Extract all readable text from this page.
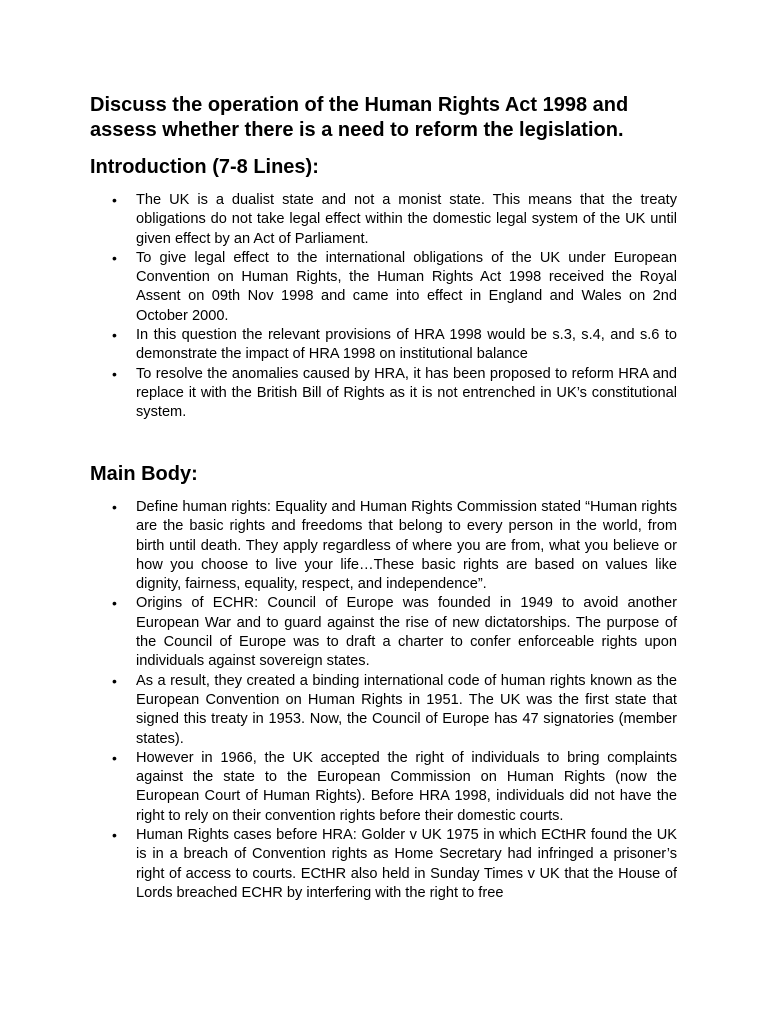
Discuss the operation of the Human Rights Act 1998 and assess whether there is a need to reform the legislation.
Introduction (7-8 Lines):
• The UK is a dualist state and not a monist state. This means that the treaty obligations do not take legal effect within the domestic legal system of the UK until given effect by an Act of Parliament.
• To give legal effect to the international obligations of the UK under European Convention on Human Rights, the Human Rights Act 1998 received the Royal Assent on 09th Nov 1998 and came into effect in England and Wales on 2nd October 2000.
• In this question the relevant provisions of HRA 1998 would be s.3, s.4, and s.6 to demonstrate the impact of HRA 1998 on institutional balance
• To resolve the anomalies caused by HRA, it has been proposed to reform HRA and replace it with the British Bill of Rights as it is not entrenched in UK’s constitutional system.
Main Body:
• Define human rights: Equality and Human Rights Commission stated “Human rights are the basic rights and freedoms that belong to every person in the world, from birth until death. They apply regardless of where you are from, what you believe or how you choose to live your life…These basic rights are based on values like dignity, fairness, equality, respect, and independence”.
• Origins of ECHR: Council of Europe was founded in 1949 to avoid another European War and to guard against the rise of new dictatorships. The purpose of the Council of Europe was to draft a charter to confer enforceable rights upon individuals against sovereign states.
• As a result, they created a binding international code of human rights known as the European Convention on Human Rights in 1951. The UK was the first state that signed this treaty in 1953. Now, the Council of Europe has 47 signatories (member states).
• However in 1966, the UK accepted the right of individuals to bring complaints against the state to the European Commission on Human Rights (now the European Court of Human Rights). Before HRA 1998, individuals did not have the right to rely on their convention rights before their domestic courts.
• Human Rights cases before HRA: Golder v UK 1975 in which ECtHR found the UK is in a breach of Convention rights as Home Secretary had infringed a prisoner’s right of access to courts. ECtHR also held in Sunday Times v UK that the House of Lords breached ECHR by interfering with the right to free
